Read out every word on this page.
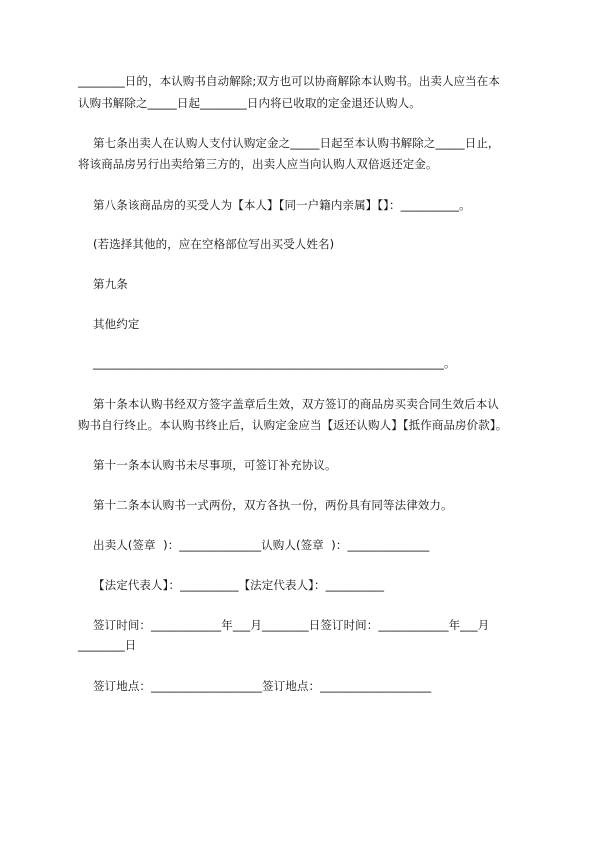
________日的，本认购书自动解除;双方也可以协商解除本认购书。出卖人应当在本
认购书解除之_____日起________日内将已收取的定金退还认购人。
第七条出卖人在认购人支付认购定金之_____日起至本认购书解除之_____日止，
将该商品房另行出卖给第三方的，出卖人应当向认购人双倍返还定金。
第八条该商品房的买受人为【本人】【同一户籍内亲属】【】：__________。
(若选择其他的，应在空格部位写出买受人姓名)
第九条
其他约定
____________________________________________________________。
第十条本认购书经双方签字盖章后生效，双方签订的商品房买卖合同生效后本认
购书自行终止。本认购书终止后，认购定金应当【返还认购人】【抵作商品房价款】。
第十一条本认购书未尽事项，可签订补充协议。
第十二条本认购书一式两份，双方各执一份，两份具有同等法律效力。
出卖人(签章  )：______________认购人(签章  )：______________
【法定代表人】：__________【法定代表人】：__________
签订时间：____________年___月________日签订时间：____________年___月
________日
签订地点：___________________签订地点：___________________
